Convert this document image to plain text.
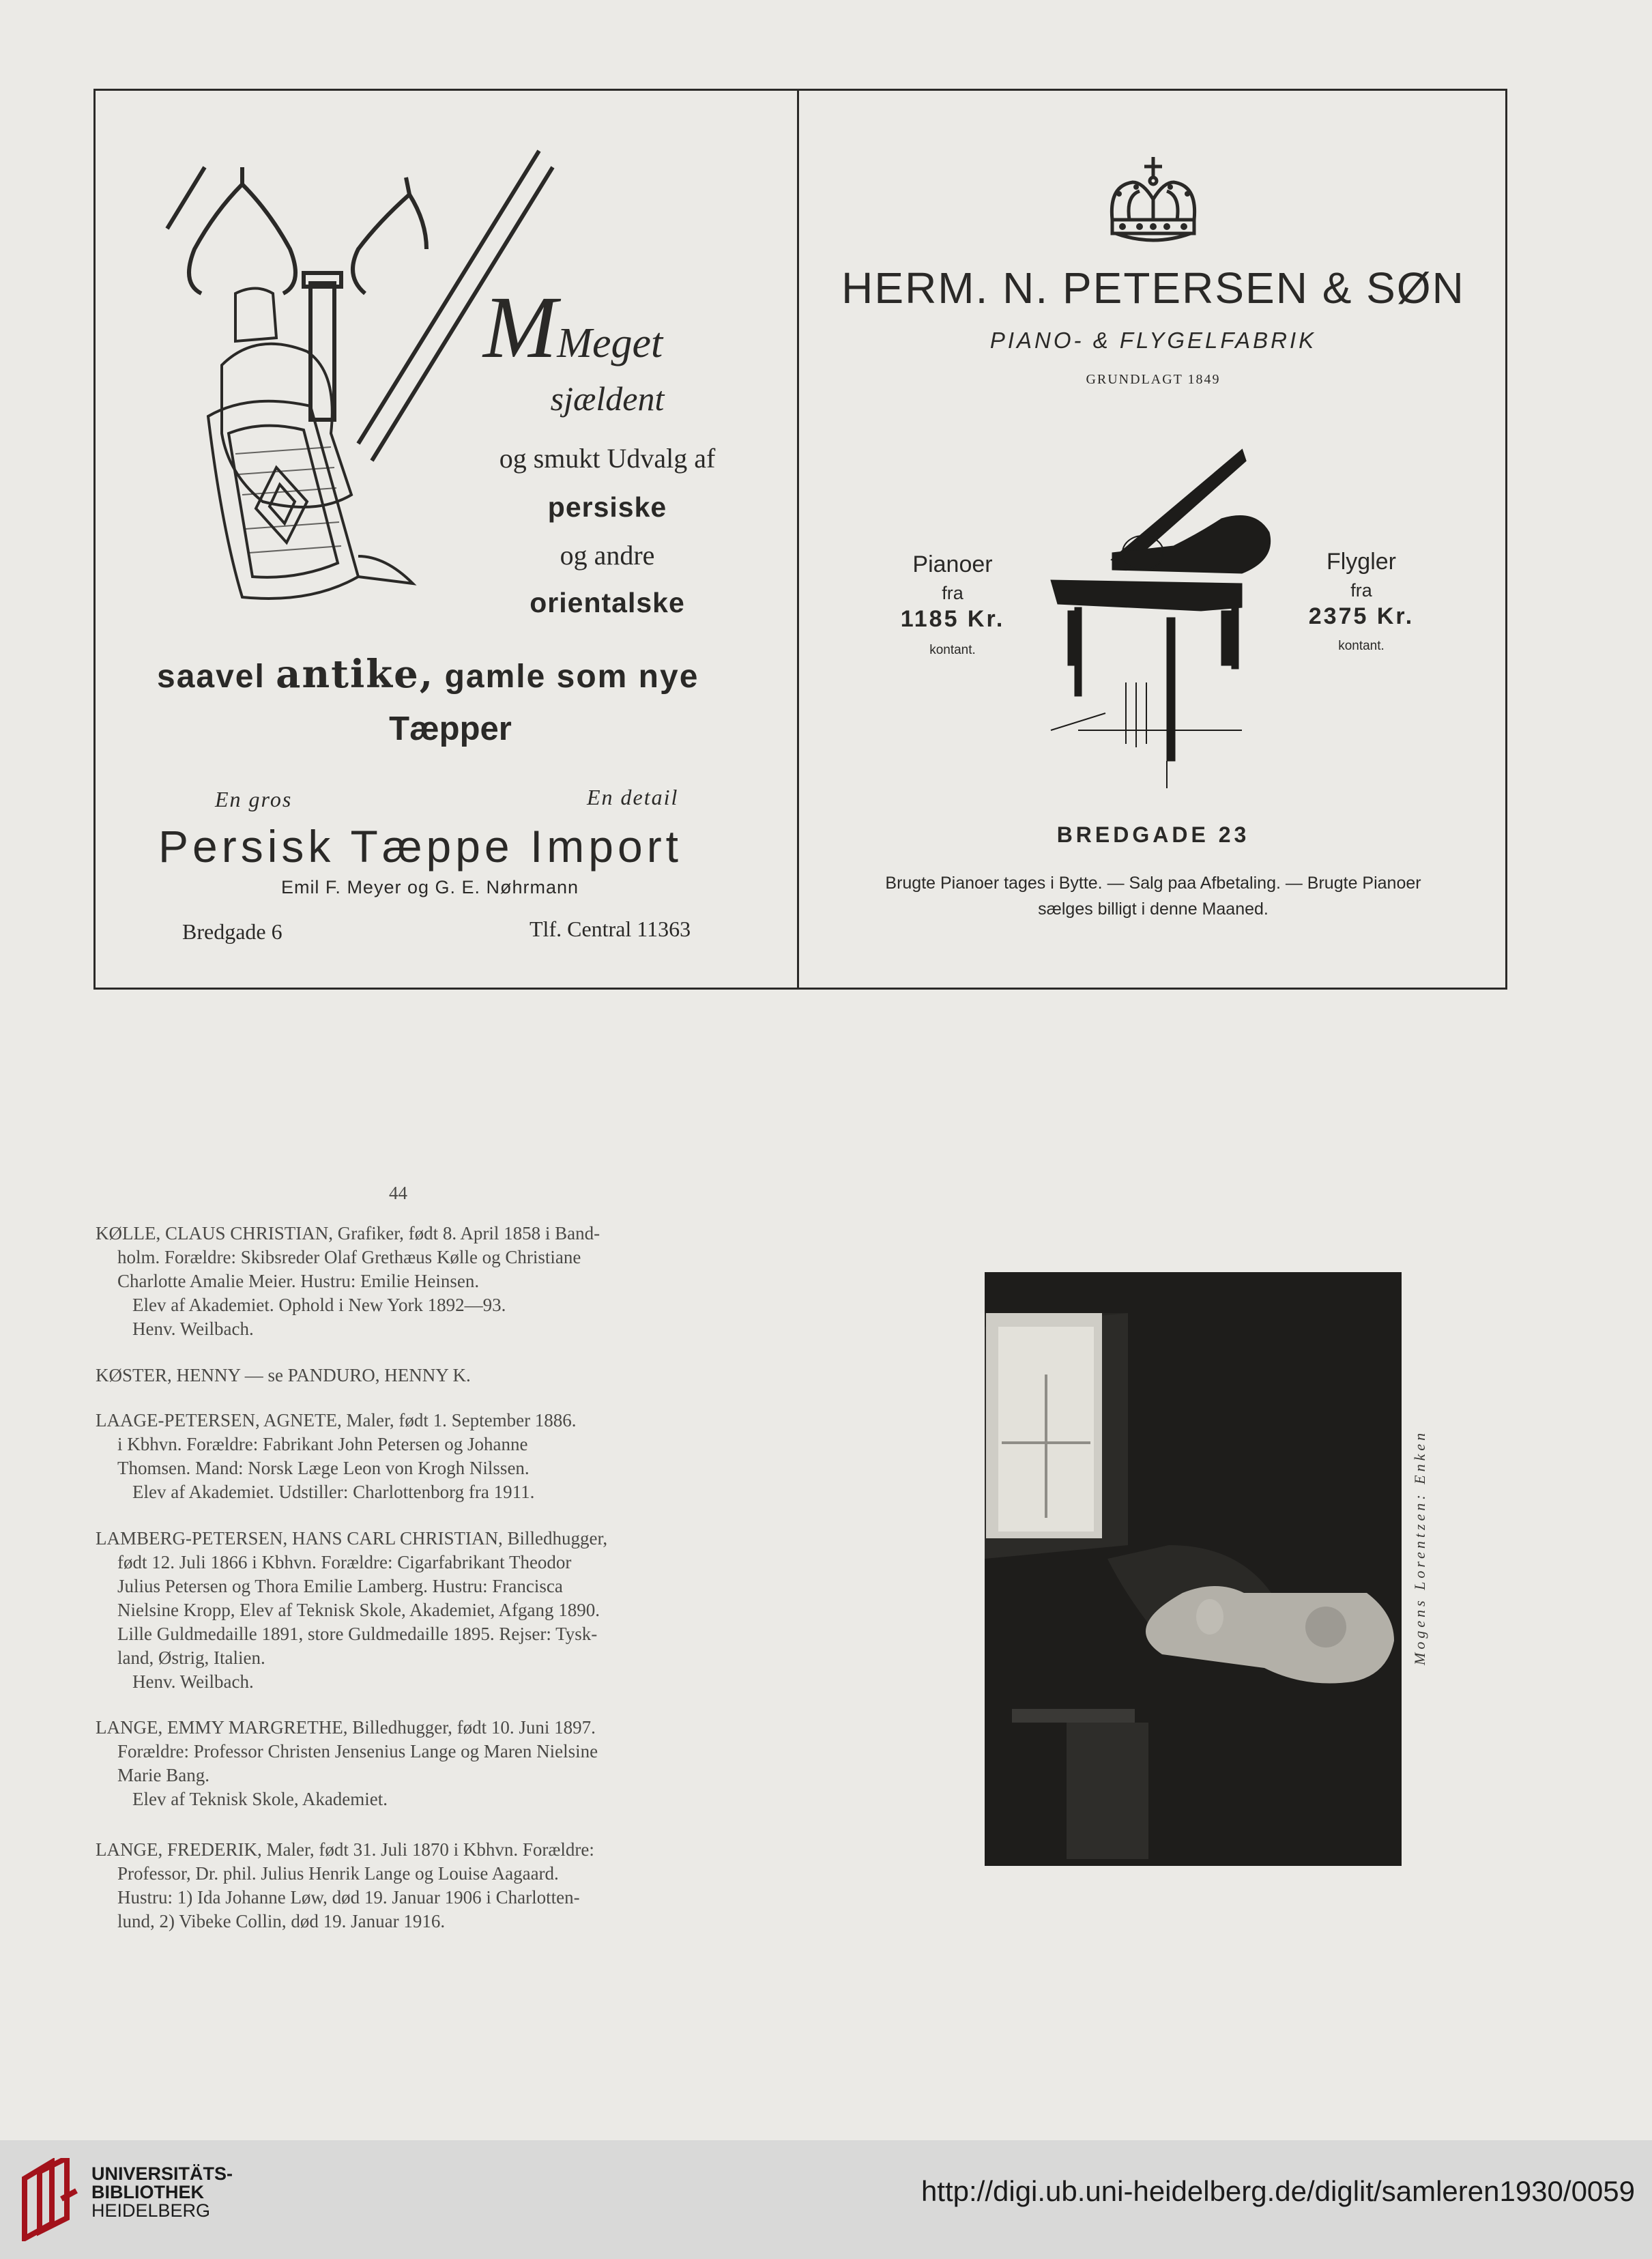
MMeget
sjældent
og smukt Udvalg af
persiske
og andre
orientalske
saavel antike, gamle som nye
Tæpper
En gros	En detail
Persisk Tæppe Import
Emil F. Meyer og G. E. Nøhrmann
Bredgade 6	Tlf. Central 11363
HERM. N. PETERSEN & SØN
PIANO- & FLYGELFABRIK
GRUNDLAGT 1849
Pianoer
fra
1185 Kr.
kontant.
Flygler
fra
2375 Kr.
kontant.
BREDGADE 23
Brugte Pianoer tages i Bytte. — Salg paa Afbetaling. — Brugte Pianoer
sælges billigt i denne Maaned.
44

KØLLE, CLAUS CHRISTIAN, Grafiker, født 8. April 1858 i Band-

holm. Forældre: Skibsreder Olaf Grethæus Kølle og Christiane

Charlotte Amalie Meier. Hustru: Emilie Heinsen.

Elev af Akademiet. Ophold i New York 1892—93.

Henv. Weilbach.

KØSTER, HENNY — se PANDURO, HENNY K.

LAAGE-PETERSEN, AGNETE, Maler, født 1. September 1886.

i Kbhvn. Forældre: Fabrikant John Petersen og Johanne

Thomsen. Mand: Norsk Læge Leon von Krogh Nilssen.

Elev af Akademiet. Udstiller: Charlottenborg fra 1911.

LAMBERG-PETERSEN, HANS CARL CHRISTIAN, Billedhugger,

født 12. Juli 1866 i Kbhvn. Forældre: Cigarfabrikant Theodor

Julius Petersen og Thora Emilie Lamberg. Hustru: Francisca

Nielsine Kropp, Elev af Teknisk Skole, Akademiet, Afgang 1890.

Lille Guldmedaille 1891, store Guldmedaille 1895. Rejser: Tysk-

land, Østrig, Italien.

Henv. Weilbach.

LANGE, EMMY MARGRETHE, Billedhugger, født 10. Juni 1897.

Forældre: Professor Christen Jensenius Lange og Maren Nielsine

Marie Bang.

Elev af Teknisk Skole, Akademiet.

LANGE, FREDERIK, Maler, født 31. Juli 1870 i Kbhvn. Forældre:

Professor, Dr. phil. Julius Henrik Lange og Louise Aagaard.

Hustru: 1) Ida Johanne Løw, død 19. Januar 1906 i Charlotten-

lund, 2) Vibeke Collin, død 19. Januar 1916.

Mogens Lorentzen: Enken
UNIVERSITÄTS-
BIBLIOTHEK
HEIDELBERG
http://digi.ub.uni-heidelberg.de/diglit/samleren1930/0059
